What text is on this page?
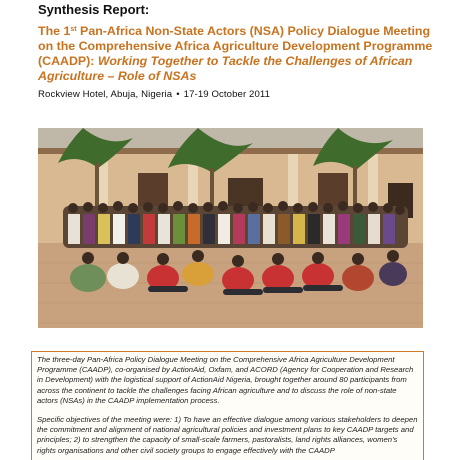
Synthesis Report:
The 1st Pan-Africa Non-State Actors (NSA) Policy Dialogue Meeting on the Comprehensive Africa Agriculture Development Programme (CAADP): Working Together to Tackle the Challenges of African Agriculture – Role of NSAs
Rockview Hotel, Abuja, Nigeria • 17-19 October 2011

The three-day Pan-Africa Policy Dialogue Meeting on the Comprehensive Africa Agriculture Development Programme (CAADP), co-organised by ActionAid, Oxfam, and ACORD (Agency for Cooperation and Research in Development) with the logistical support of ActionAid Nigeria, brought together around 80 participants from across the continent to tackle the challenges facing African agriculture and to discuss the role of non-state actors (NSAs) in the CAADP implementation process.

Specific objectives of the meeting were: 1) To have an effective dialogue among various stakeholders to deepen the commitment and alignment of national agricultural policies and investment plans to key CAADP targets and principles; 2) to strengthen the capacity of small-scale farmers, pastoralists, land rights alliances, women's rights organisations and other civil society groups to engage effectively with the CAADP
